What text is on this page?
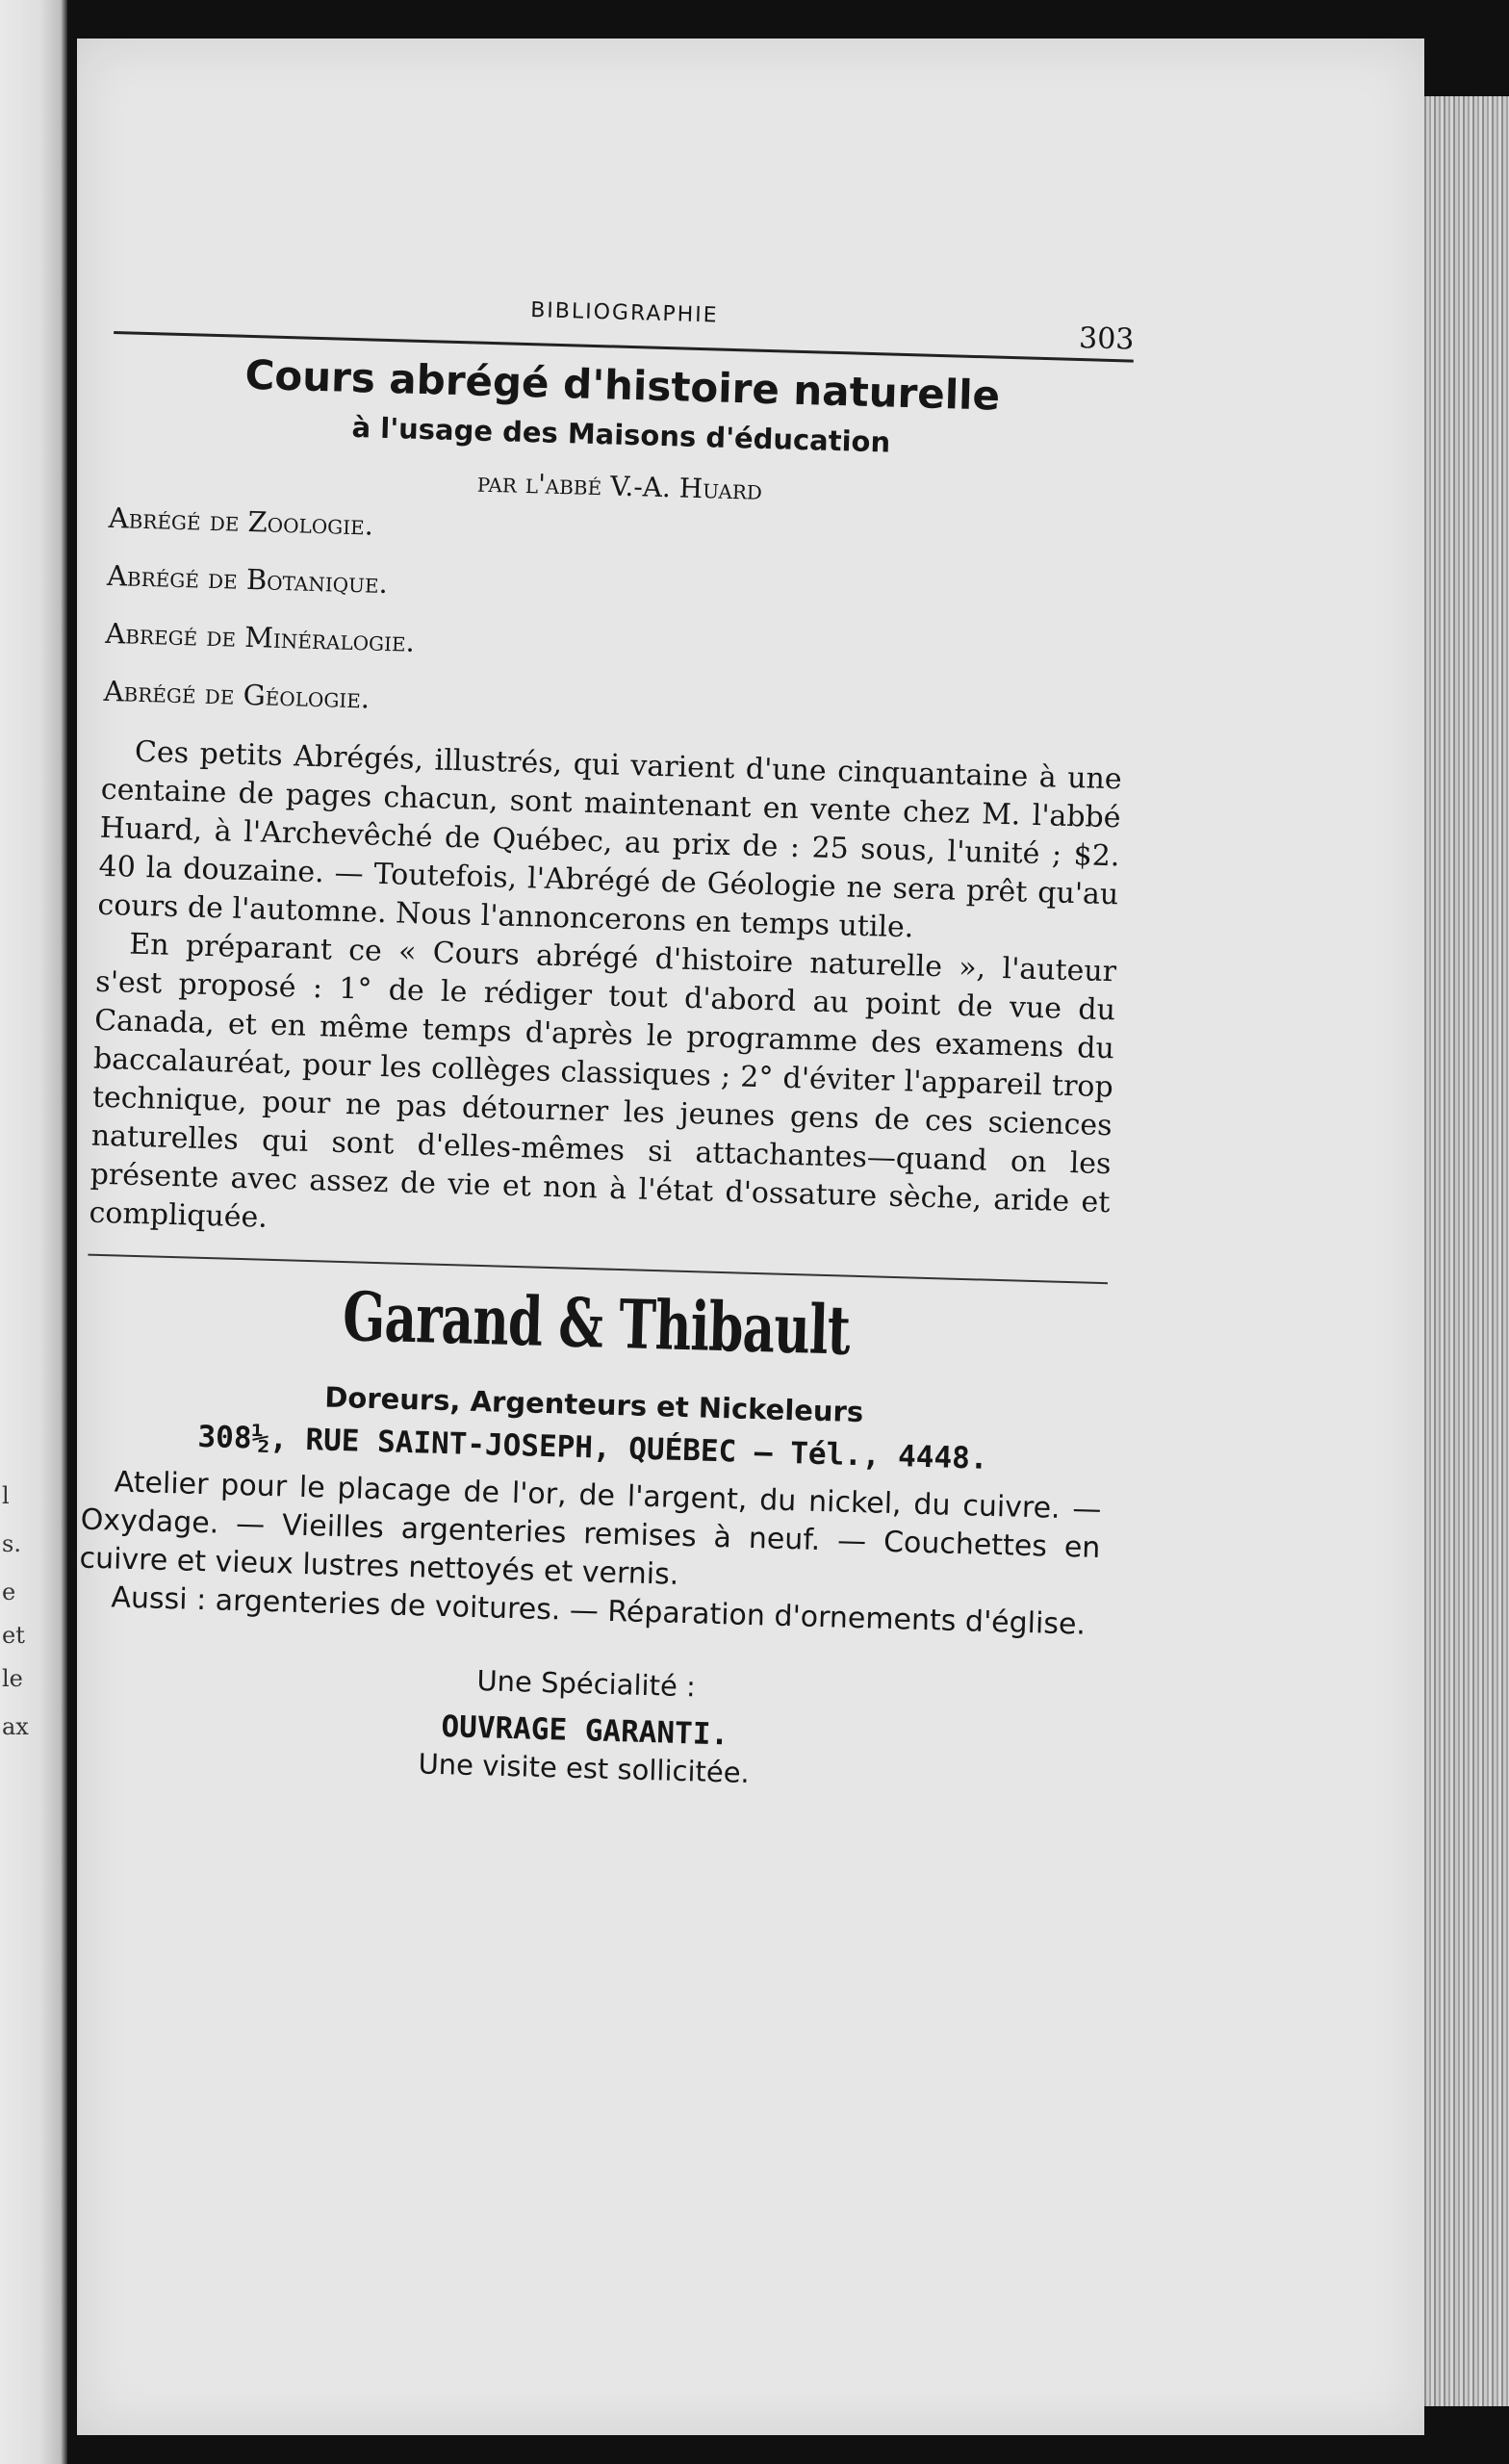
l
s.
e
et
le
ax
BIBLIOGRAPHIE
303
Cours abrégé d'histoire naturelle
à l'usage des Maisons d'éducation
par l'abbé V.-A. Huard
Abrégé de Zoologie.
Abrégé de Botanique.
Abregé de Minéralogie.
Abrégé de Géologie.

Ces petits Abrégés, illustrés, qui varient d'une cinquantaine à une centaine de pages chacun, sont maintenant en vente chez M. l'abbé Huard, à l'Archevêché de Québec, au prix de : 25 sous, l'unité ; $2. 40 la douzaine. — Toutefois, l'Abrégé de Géologie ne sera prêt qu'au cours de l'automne. Nous l'annoncerons en temps utile.

En préparant ce « Cours abrégé d'histoire naturelle », l'auteur s'est proposé : 1° de le rédiger tout d'abord au point de vue du Canada, et en même temps d'après le programme des examens du baccalauréat, pour les collèges classiques ; 2° d'éviter l'appareil trop technique, pour ne pas détourner les jeunes gens de ces sciences naturelles qui sont d'elles-mêmes si attachantes—quand on les présente avec assez de vie et non à l'état d'ossature sèche, aride et compliquée.

Garand & Thibault
Doreurs, Argenteurs et Nickeleurs
308½, RUE SAINT-JOSEPH, QUÉBEC — Tél., 4448.

Atelier pour le placage de l'or, de l'argent, du nickel, du cuivre. — Oxydage. — Vieilles argenteries remises à neuf. — Couchettes en cuivre et vieux lustres nettoyés et vernis.

Aussi : argenteries de voitures. — Réparation d'ornements d'église.

Une Spécialité :
OUVRAGE GARANTI.
Une visite est sollicitée.
